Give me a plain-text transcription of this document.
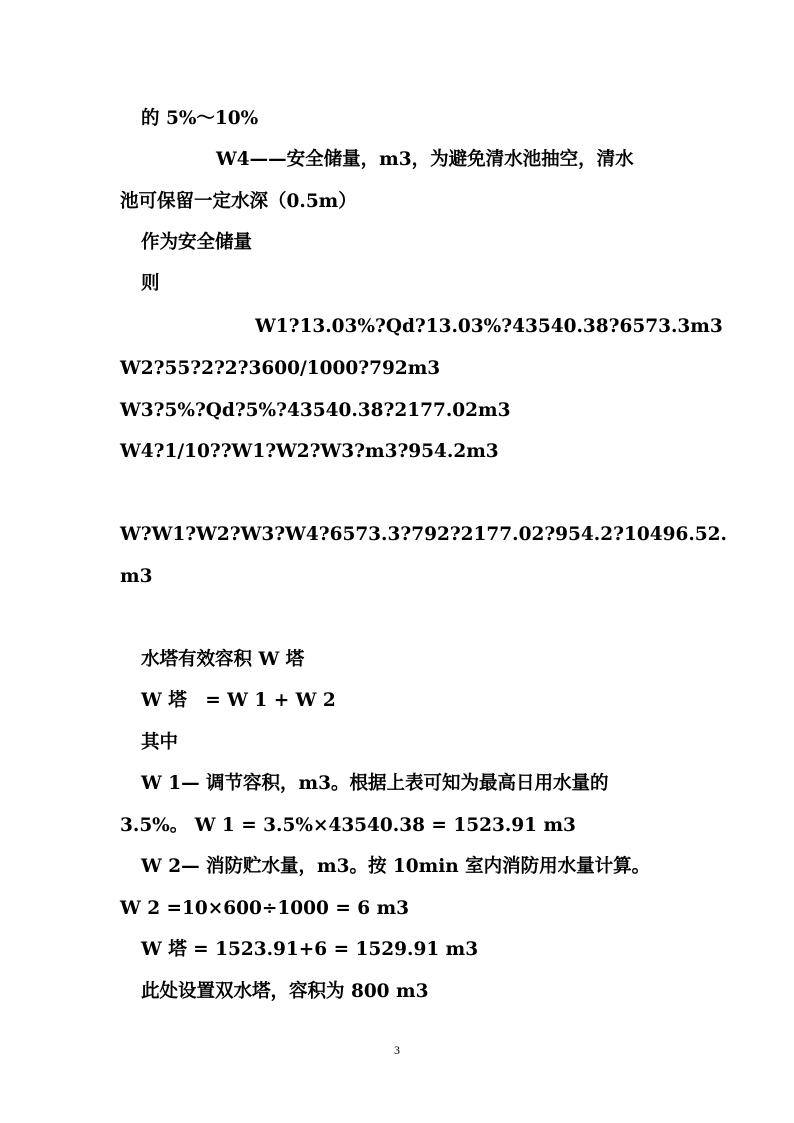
的 5%～10%
W4——安全储量，m3，为避免清水池抽空，清水
池可保留一定水深（0.5m）
作为安全储量
则
W1?13.03%?Qd?13.03%?43540.38?6573.3m3
W2?55?2?2?3600/1000?792m3
W3?5%?Qd?5%?43540.38?2177.02m3
W4?1/10??W1?W2?W3?m3?954.2m3
W?W1?W2?W3?W4?6573.3?792?2177.02?954.2?10496.52.
m3
水塔有效容积 W 塔
W 塔　= W 1 + W 2
其中
W 1— 调节容积，m3。根据上表可知为最高日用水量的
3.5%。 W 1 = 3.5%×43540.38 = 1523.91 m3
W 2— 消防贮水量，m3。按 10min 室内消防用水量计算。
W 2 =10×600÷1000 = 6 m3
W 塔 = 1523.91+6 = 1529.91 m3
此处设置双水塔，容积为 800 m3
3
